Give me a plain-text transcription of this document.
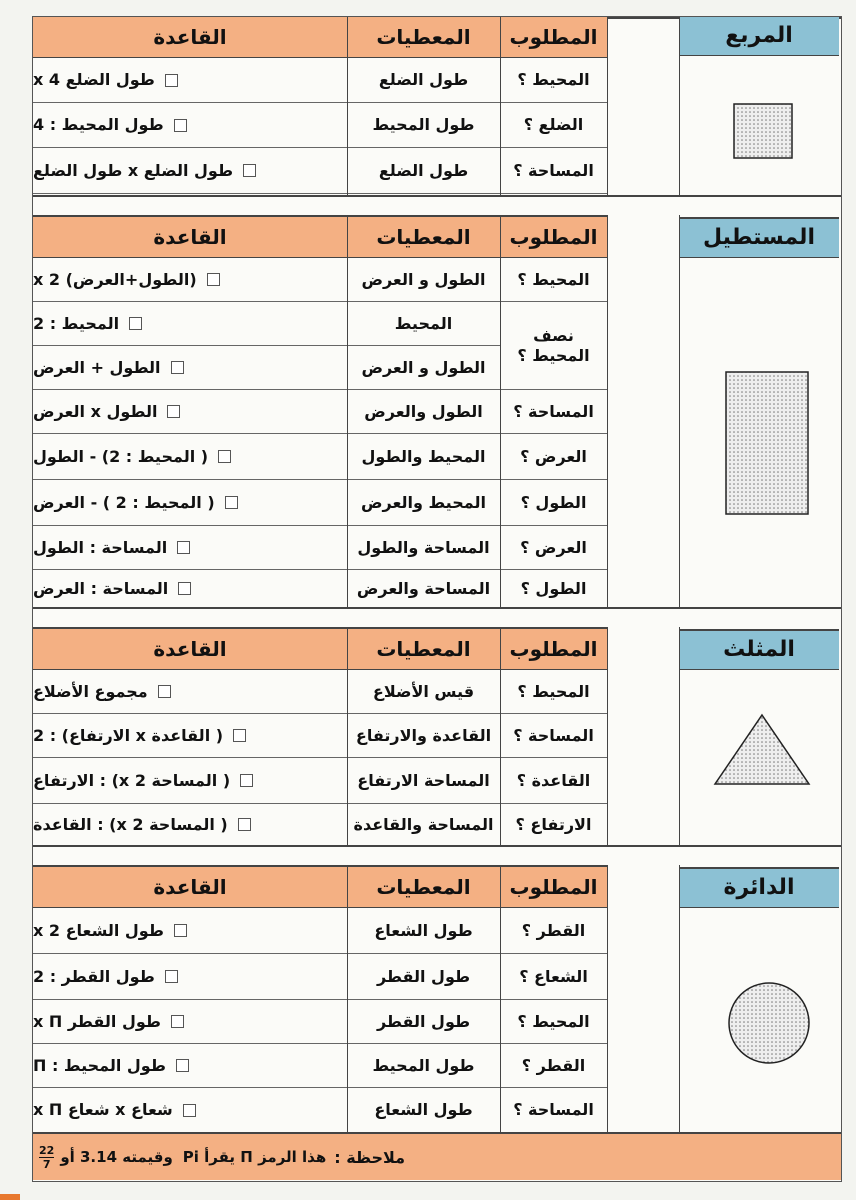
المربع
المطلوب
المعطيات
القاعدة
المحيط ؟
طول الضلع
طول الضلع x 4
الضلع ؟
طول المحيط
طول المحيط : 4
المساحة ؟
طول الضلع
طول الضلع x طول الضلع
المستطيل
المطلوب
المعطيات
القاعدة
المحيط ؟
الطول و العرض
(الطول+العرض) x 2
نصف المحيط ؟
المحيط
المحيط : 2
الطول و العرض
الطول + العرض
المساحة ؟
الطول والعرض
الطول x العرض
العرض ؟
المحيط والطول
( المحيط : 2) - الطول
الطول ؟
المحيط والعرض
( المحيط : 2 ) - العرض
العرض ؟
المساحة والطول
المساحة : الطول
الطول ؟
المساحة والعرض
المساحة : العرض
المثلث
المطلوب
المعطيات
القاعدة
المحيط ؟
قيس الأضلاع
مجموع الأضلاع
المساحة ؟
القاعدة والارتفاع
( القاعدة x الارتفاع) : 2
القاعدة ؟
المساحة الارتفاع
( المساحة x 2) : الارتفاع
الارتفاع ؟
المساحة والقاعدة
( المساحة x 2) : القاعدة
الدائرة
المطلوب
المعطيات
القاعدة
القطر ؟
طول الشعاع
طول الشعاع x 2
الشعاع ؟
طول القطر
طول القطر : 2
المحيط ؟
طول القطر
طول القطر x Π
القطر ؟
طول المحيط
طول المحيط : Π
المساحة ؟
طول الشعاع
شعاع x شعاع x Π
ملاحظة :
هذا الرمز Π يقرأ Pi
وقيمته 3.14 أو
$\frac{22}{7}$
